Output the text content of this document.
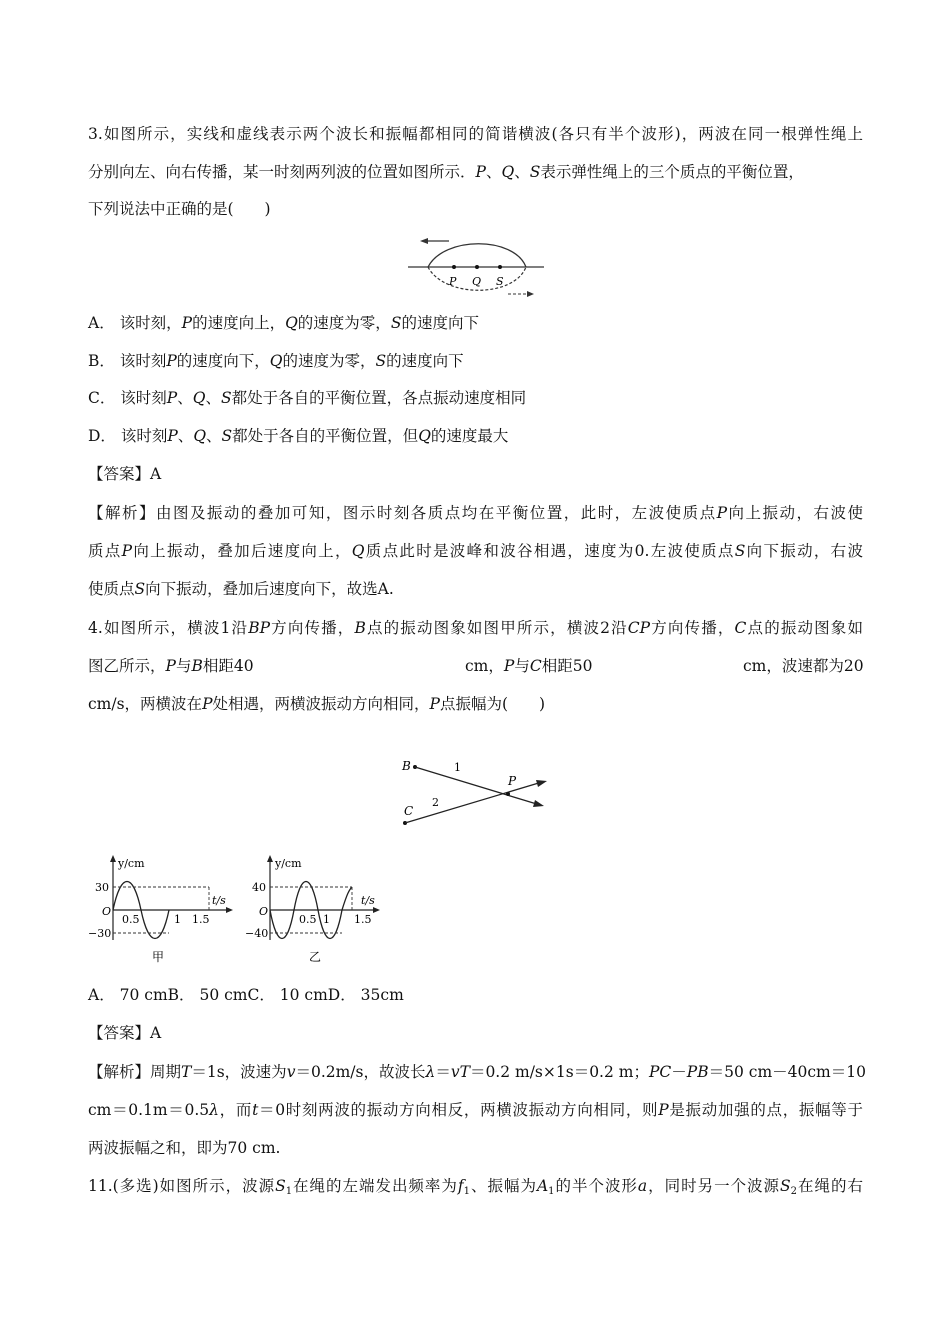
3.如图所示，实线和虚线表示两个波长和振幅都相同的简谐横波(各只有半个波形)，两波在同一根弹性绳上
分别向左、向右传播，某一时刻两列波的位置如图所示．P、Q、S表示弹性绳上的三个质点的平衡位置，
下列说法中正确的是(　　)
P Q S
A． 该时刻，P的速度向上，Q的速度为零，S的速度向下
B． 该时刻P的速度向下，Q的速度为零，S的速度向下
C． 该时刻P、Q、S都处于各自的平衡位置，各点振动速度相同
D． 该时刻P、Q、S都处于各自的平衡位置，但Q的速度最大
【答案】A
【解析】由图及振动的叠加可知，图示时刻各质点均在平衡位置，此时，左波使质点P向上振动，右波使
质点P向上振动，叠加后速度向上，Q质点此时是波峰和波谷相遇，速度为0.左波使质点S向下振动，右波
使质点S向下振动，叠加后速度向下，故选A.
4.如图所示，横波1沿BP方向传播，B点的振动图象如图甲所示，横波2沿CP方向传播，C点的振动图象如
图乙所示，P与B相距40	cm，P与C相距50	cm，波速都为20
cm/s，两横波在P处相遇，两横波振动方向相同，P点振幅为(　　)
B	1
C
2
P
y/cm
t/s
30
−30
O
0.5	1 1.5
甲
y/cm
t/s
40
−40
O
0.5 1 1.5
乙
A． 70 cmB． 50 cmC． 10 cmD． 35cm
【答案】A
【解析】周期T＝1s，波速为v＝0.2m/s，故波长λ＝vT＝0.2 m/s×1s＝0.2 m；PC－PB＝50 cm－40cm＝10
cm＝0.1m＝0.5λ，而t＝0时刻两波的振动方向相反，两横波振动方向相同，则P是振动加强的点，振幅等于
两波振幅之和，即为70 cm.
11.(多选)如图所示，波源$S_1$在绳的左端发出频率为$f_1$、振幅为$A_1$的半个波形a，同时另一个波源$S_2$在绳的右
